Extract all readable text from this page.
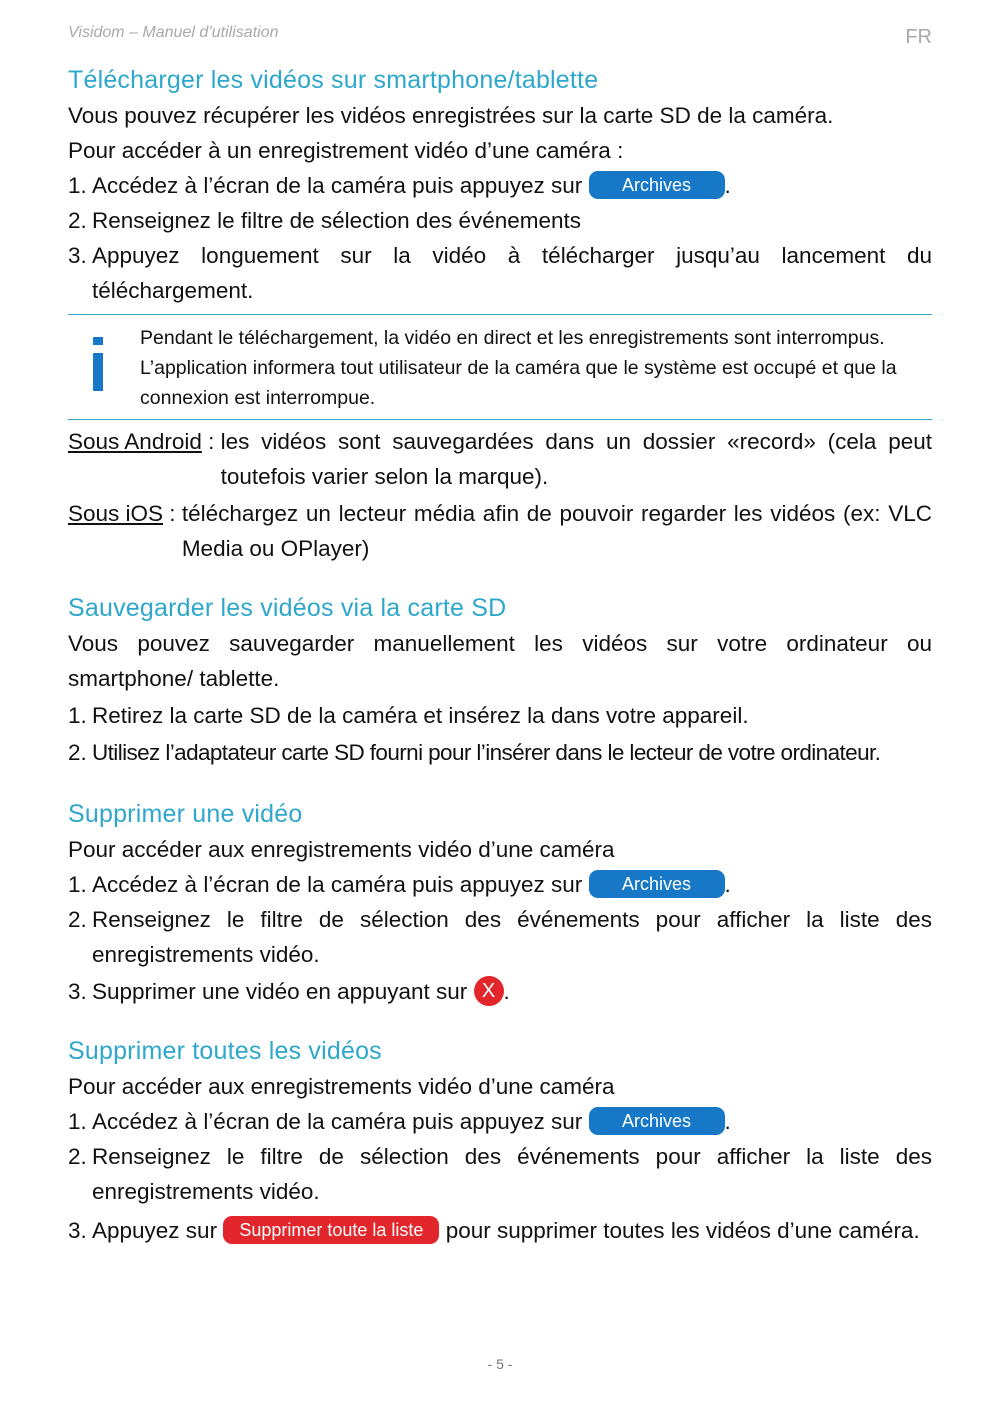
Visidom – Manuel d’utilisation	FR
Télécharger les vidéos sur smartphone/tablette

Vous pouvez récupérer les vidéos enregistrées sur la carte SD de la caméra.

Pour accéder à un enregistrement vidéo d’une caméra :

1. Accédez à l’écran de la caméra puis appuyez sur Archives .
2. Renseignez le filtre de sélection des événements
3. Appuyez longuement sur la vidéo à télécharger jusqu’au lancement du téléchargement.
Pendant le téléchargement, la vidéo en direct et les enregistrements sont interrompus. L’application informera tout utilisateur de la caméra que le système est occupé et que la connexion est interrompue.
Sous Android : les vidéos sont sauvegardées dans un dossier «record» (cela peut toutefois varier selon la marque).
Sous iOS : téléchargez un lecteur média afin de pouvoir regarder les vidéos (ex: VLC Media ou OPlayer)
Sauvegarder les vidéos via la carte SD

Vous pouvez sauvegarder manuellement les vidéos sur votre ordinateur ou smartphone/ tablette.

1. Retirez la carte SD de la caméra et insérez la dans votre appareil.
2. Utilisez l’adaptateur carte SD fourni pour l’insérer dans le lecteur de votre ordinateur.
Supprimer une vidéo

Pour accéder aux enregistrements vidéo d’une caméra

1. Accédez à l’écran de la caméra puis appuyez sur Archives .
2. Renseignez le filtre de sélection des événements pour afficher la liste des enregistrements vidéo.
3. Supprimer une vidéo en appuyant sur X .
Supprimer toutes les vidéos

Pour accéder aux enregistrements vidéo d’une caméra

1. Accédez à l’écran de la caméra puis appuyez sur Archives .
2. Renseignez le filtre de sélection des événements pour afficher la liste des enregistrements vidéo.
3. Appuyez sur Supprimer toute la liste pour supprimer toutes les vidéos d’une caméra.
- 5 -
